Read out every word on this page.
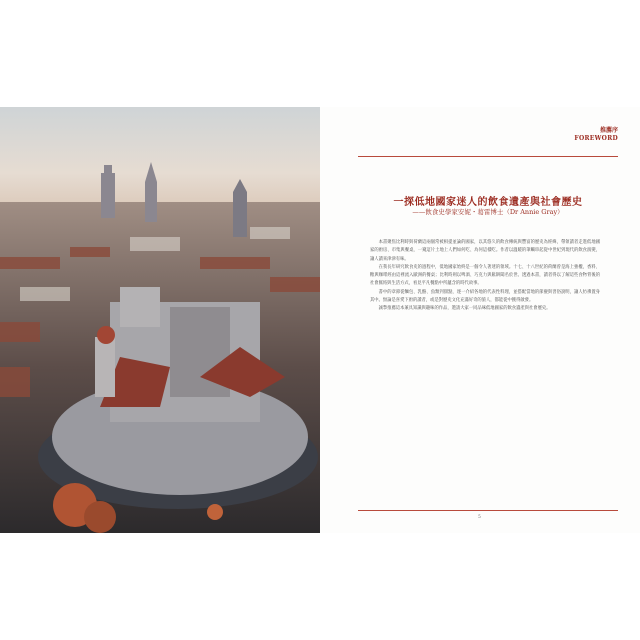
推薦序
FOREWORD
一探低地國家迷人的飲食遺產與社會歷史
——飲食史學家安妮・葛雷博士（Dr Annie Gray）

本書聚焦比利時與荷蘭這兩個常被相提並論的國家，以其悠久的飲食傳統與豐富的歷史為經緯，帶領讀者走進低地國家的廚房、市集與餐桌，一窺這片土地上人們如何吃、為何這樣吃。作者以溫暖的筆觸串起從中世紀到現代的飲食演變，讓人讀來津津有味。

在我長年研究飲食史的過程中，低地國家始終是一個令人著迷的領域。十七、十八世紀的荷蘭曾是海上強權，香料、糖與咖啡經由這裡流入歐洲的餐桌；比利時則以啤酒、巧克力與鬆餅聞名於世。透過本書，讀者得以了解這些食物背後的社會脈絡與生活方式，看見平凡餐點中所蘊含的時代故事。

書中的章節從麵包、乳酪、魚類到甜點，逐一介紹各地的代表性料理，並搭配當地的節慶與習俗說明，讓人彷彿置身其中。無論是喜愛下廚的讀者，或是對歷史文化充滿好奇的旅人，都能從中獲得啟發。

誠摯推薦這本兼具知識與趣味的作品，邀請大家一同品味低地國家的飲食遺產與社會歷史。

5
